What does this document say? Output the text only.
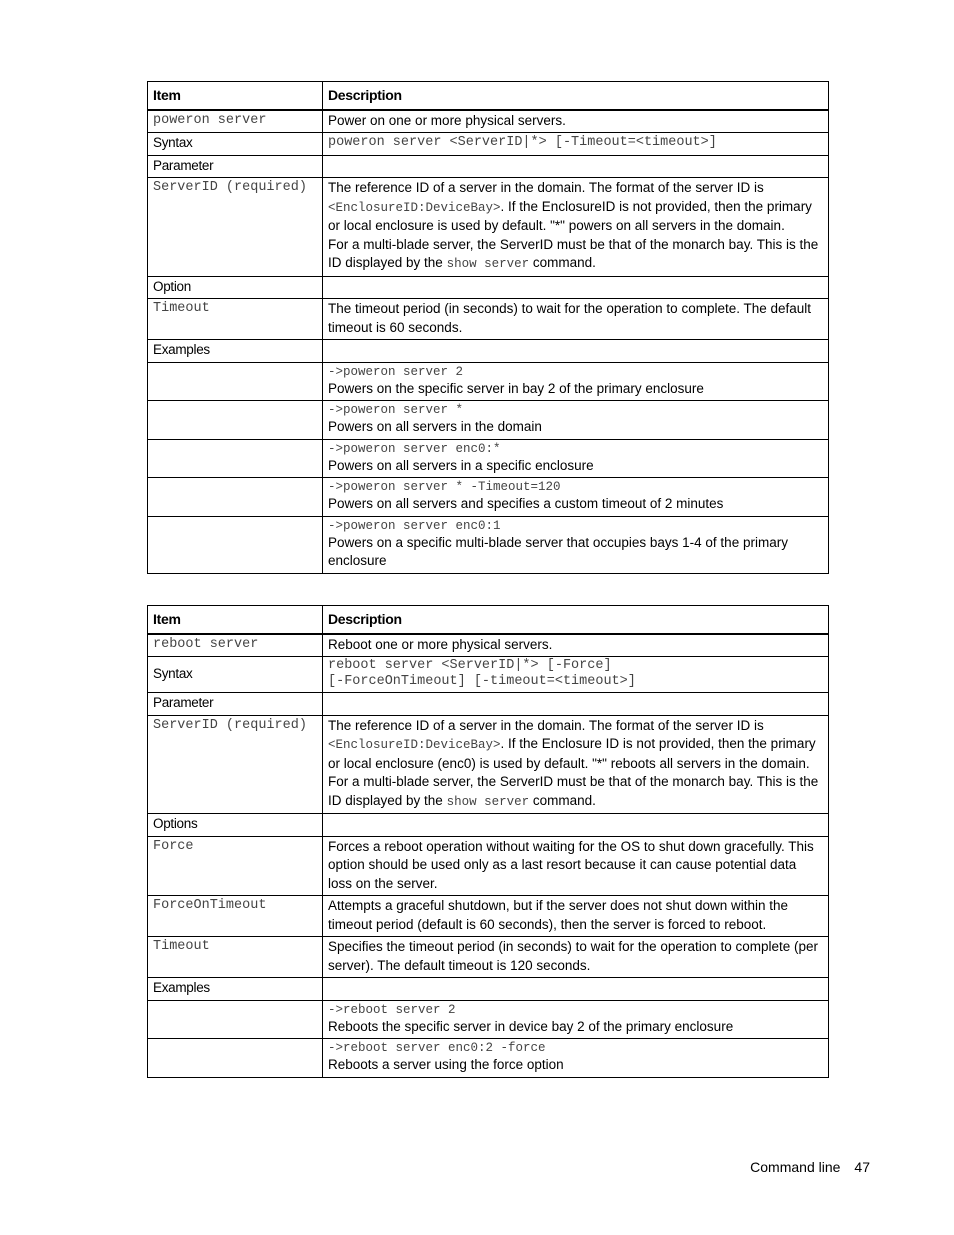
Item	Description
poweron server	Power on one or more physical servers.
Syntax	poweron server <ServerID|*> [-Timeout=<timeout>]
Parameter	
ServerID (required)	The reference ID of a server in the domain. The format of the server ID is <EnclosureID:DeviceBay>. If the EnclosureID is not provided, then the primary or local enclosure is used by default. "*" powers on all servers in the domain.
For a multi-blade server, the ServerID must be that of the monarch bay. This is the ID displayed by the show server command.

Option	
Timeout	The timeout period (in seconds) to wait for the operation to complete. The default timeout is 60 seconds.
Examples	

	->poweron server 2
Powers on the specific server in bay 2 of the primary enclosure

	->poweron server *
Powers on all servers in the domain

	->poweron server enc0:*
Powers on all servers in a specific enclosure

	->poweron server * -Timeout=120
Powers on all servers and specifies a custom timeout of 2 minutes

	->poweron server enc0:1
Powers on a specific multi-blade server that occupies bays 1-4 of the primary enclosure
Item	Description
reboot server	Reboot one or more physical servers.
Syntax	reboot server <ServerID|*> [-Force]
[-ForceOnTimeout] [-timeout=<timeout>]

Parameter	
ServerID (required)	The reference ID of a server in the domain. The format of the server ID is <EnclosureID:DeviceBay>. If the Enclosure ID is not provided, then the primary or local enclosure (enc0) is used by default. "*" reboots all servers in the domain.
For a multi-blade server, the ServerID must be that of the monarch bay. This is the ID displayed by the show server command.

Options	
Force	Forces a reboot operation without waiting for the OS to shut down gracefully. This option should be used only as a last resort because it can cause potential data loss on the server.
ForceOnTimeout	Attempts a graceful shutdown, but if the server does not shut down within the timeout period (default is 60 seconds), then the server is forced to reboot.
Timeout	Specifies the timeout period (in seconds) to wait for the operation to complete (per server). The default timeout is 120 seconds.
Examples	

	->reboot server 2
Reboots the specific server in device bay 2 of the primary enclosure

	->reboot server enc0:2 -force
Reboots a server using the force option
Command line 47
